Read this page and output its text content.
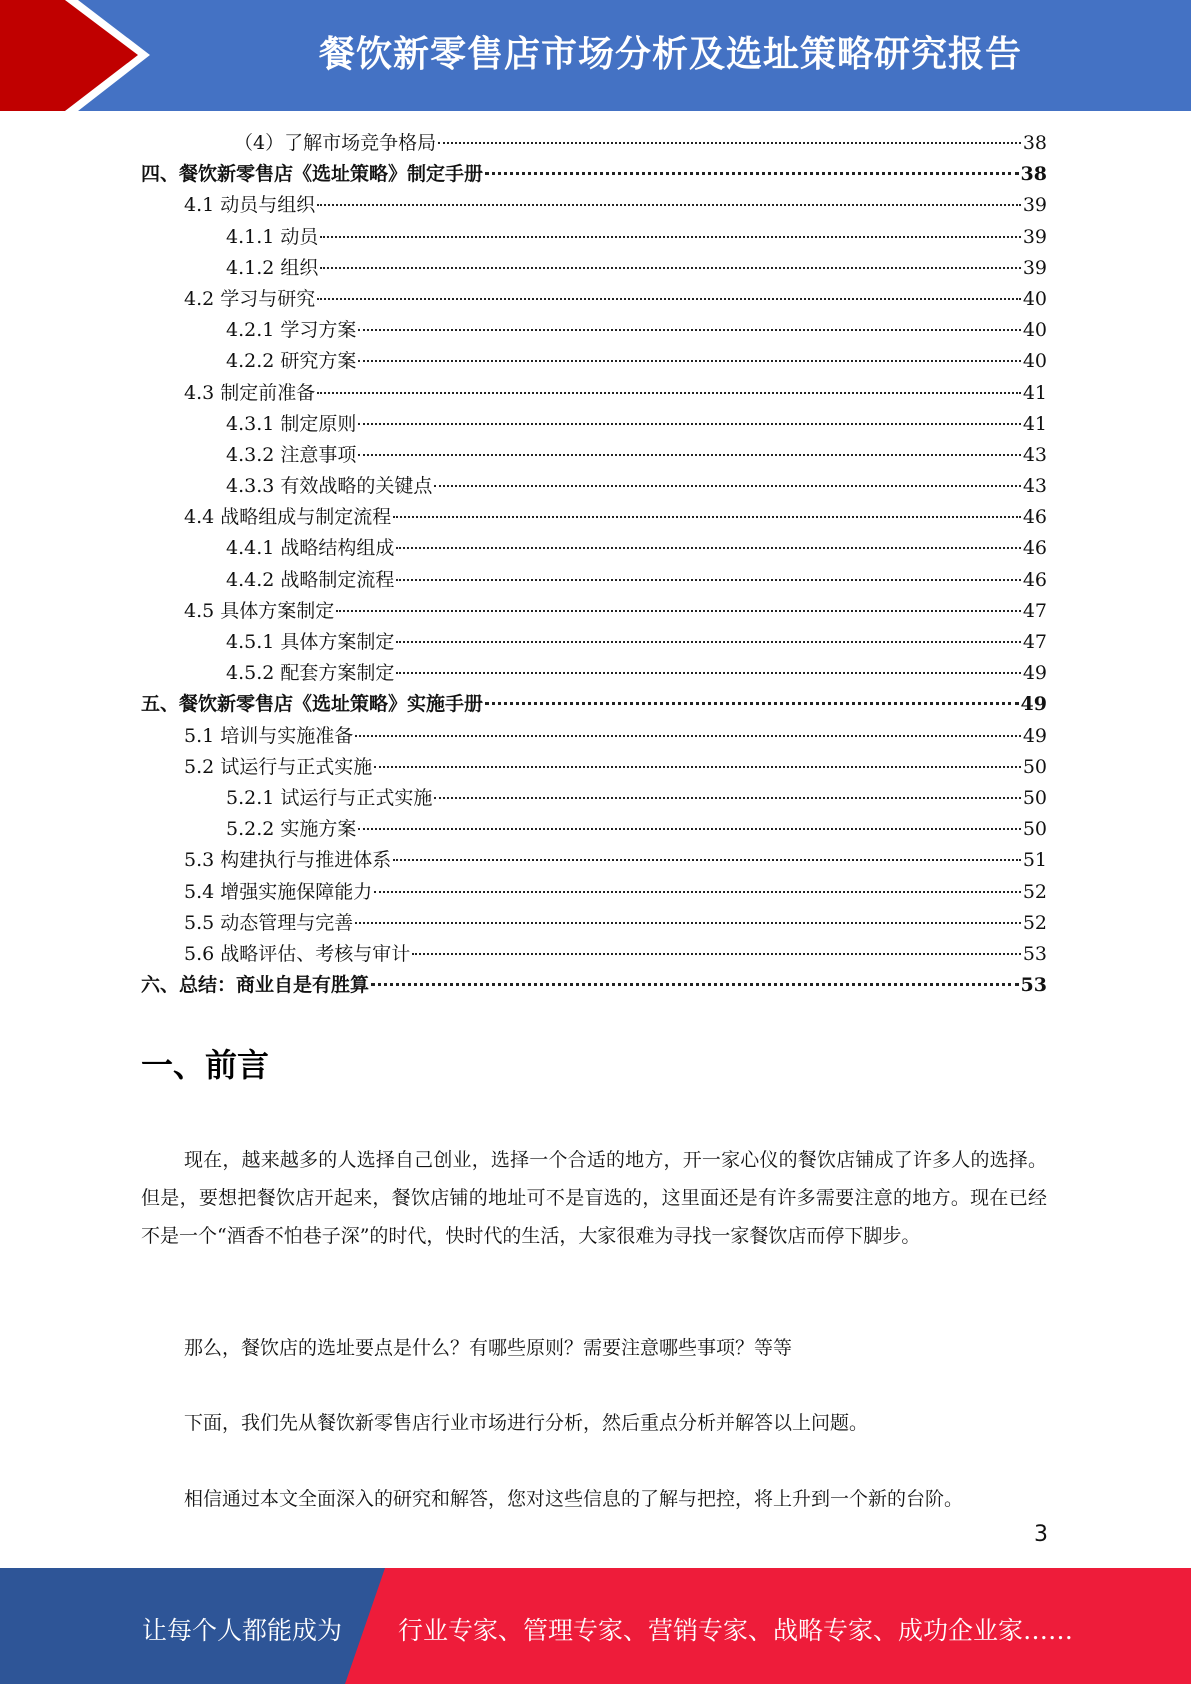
餐饮新零售店市场分析及选址策略研究报告
（4）了解市场竞争格局	38
四、餐饮新零售店《选址策略》制定手册	38
4.1 动员与组织	39
4.1.1 动员	39
4.1.2 组织	39
4.2 学习与研究	40
4.2.1 学习方案	40
4.2.2 研究方案	40
4.3 制定前准备	41
4.3.1 制定原则	41
4.3.2 注意事项	43
4.3.3 有效战略的关键点	43
4.4 战略组成与制定流程	46
4.4.1 战略结构组成	46
4.4.2 战略制定流程	46
4.5 具体方案制定	47
4.5.1 具体方案制定	47
4.5.2 配套方案制定	49
五、餐饮新零售店《选址策略》实施手册	49
5.1 培训与实施准备	49
5.2 试运行与正式实施	50
5.2.1 试运行与正式实施	50
5.2.2 实施方案	50
5.3 构建执行与推进体系	51
5.4 增强实施保障能力	52
5.5 动态管理与完善	52
5.6 战略评估、考核与审计	53
六、总结：商业自是有胜算	53
一、前言

现在，越来越多的人选择自己创业，选择一个合适的地方，开一家心仪的餐饮店铺成了许多人的选择。但是，要想把餐饮店开起来，餐饮店铺的地址可不是盲选的，这里面还是有许多需要注意的地方。现在已经不是一个“酒香不怕巷子深”的时代，快时代的生活，大家很难为寻找一家餐饮店而停下脚步。

那么，餐饮店的选址要点是什么？有哪些原则？需要注意哪些事项？等等

下面，我们先从餐饮新零售店行业市场进行分析，然后重点分析并解答以上问题。

相信通过本文全面深入的研究和解答，您对这些信息的了解与把控，将上升到一个新的台阶。

3
让每个人都能成为 行业专家、管理专家、营销专家、战略专家、成功企业家……
